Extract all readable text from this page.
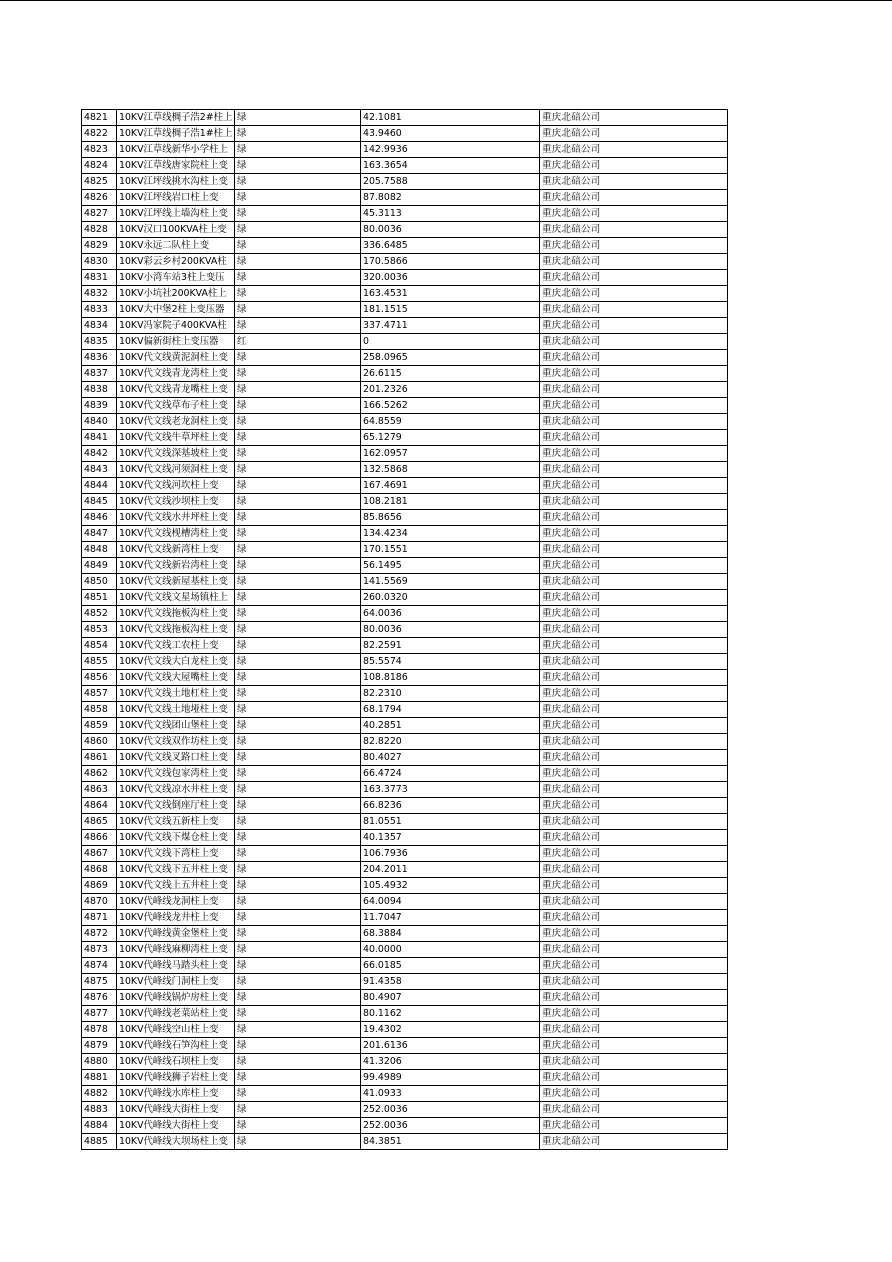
4821	10KV江草线椆子浩2#柱上	绿	42.1081	重庆北碚公司
4822	10KV江草线椆子浩1#柱上	绿	43.9460	重庆北碚公司
4823	10KV江草线新华小学柱上	绿	142.9936	重庆北碚公司
4824	10KV江草线唐家院柱上变	绿	163.3654	重庆北碚公司
4825	10KV江坪线挑水沟柱上变	绿	205.7588	重庆北碚公司
4826	10KV江坪线岩口柱上变	绿	87.8082	重庆北碚公司
4827	10KV江坪线上墙沟柱上变	绿	45.3113	重庆北碚公司
4828	10KV汉口100KVA柱上变	绿	80.0036	重庆北碚公司
4829	10KV永远二队柱上变	绿	336.6485	重庆北碚公司
4830	10KV彩云乡村200KVA柱	绿	170.5866	重庆北碚公司
4831	10KV小湾车站3柱上变压	绿	320.0036	重庆北碚公司
4832	10KV小坑社200KVA柱上	绿	163.4531	重庆北碚公司
4833	10KV大中堡2柱上变压器	绿	181.1515	重庆北碚公司
4834	10KV冯家院子400KVA柱	绿	337.4711	重庆北碚公司
4835	10KV偏新街柱上变压器	红	0	重庆北碚公司
4836	10KV代文线黄泥洞柱上变	绿	258.0965	重庆北碚公司
4837	10KV代文线青龙湾柱上变	绿	26.6115	重庆北碚公司
4838	10KV代文线青龙嘴柱上变	绿	201.2326	重庆北碚公司
4839	10KV代文线草布子柱上变	绿	166.5262	重庆北碚公司
4840	10KV代文线老龙洞柱上变	绿	64.8559	重庆北碚公司
4841	10KV代文线牛草坪柱上变	绿	65.1279	重庆北碚公司
4842	10KV代文线深基坡柱上变	绿	162.0957	重庆北碚公司
4843	10KV代文线河须洞柱上变	绿	132.5868	重庆北碚公司
4844	10KV代文线河坎柱上变	绿	167.4691	重庆北碚公司
4845	10KV代文线沙坝柱上变	绿	108.2181	重庆北碚公司
4846	10KV代文线水井坪柱上变	绿	85.8656	重庆北碚公司
4847	10KV代文线枧槽湾柱上变	绿	134.4234	重庆北碚公司
4848	10KV代文线新湾柱上变	绿	170.1551	重庆北碚公司
4849	10KV代文线新岩湾柱上变	绿	56.1495	重庆北碚公司
4850	10KV代文线新屋基柱上变	绿	141.5569	重庆北碚公司
4851	10KV代文线文星场镇柱上	绿	260.0320	重庆北碚公司
4852	10KV代文线拖板沟柱上变	绿	64.0036	重庆北碚公司
4853	10KV代文线拖板沟柱上变	绿	80.0036	重庆北碚公司
4854	10KV代文线工农柱上变	绿	82.2591	重庆北碚公司
4855	10KV代文线大白龙柱上变	绿	85.5574	重庆北碚公司
4856	10KV代文线大屋嘴柱上变	绿	108.8186	重庆北碚公司
4857	10KV代文线土地杠柱上变	绿	82.2310	重庆北碚公司
4858	10KV代文线土地垭柱上变	绿	68.1794	重庆北碚公司
4859	10KV代文线团山堡柱上变	绿	40.2851	重庆北碚公司
4860	10KV代文线双作坊柱上变	绿	82.8220	重庆北碚公司
4861	10KV代文线叉路口柱上变	绿	80.4027	重庆北碚公司
4862	10KV代文线包家湾柱上变	绿	66.4724	重庆北碚公司
4863	10KV代文线凉水井柱上变	绿	163.3773	重庆北碚公司
4864	10KV代文线倒座厅柱上变	绿	66.8236	重庆北碚公司
4865	10KV代文线五新柱上变	绿	81.0551	重庆北碚公司
4866	10KV代文线下煤仓柱上变	绿	40.1357	重庆北碚公司
4867	10KV代文线下湾柱上变	绿	106.7936	重庆北碚公司
4868	10KV代文线下五井柱上变	绿	204.2011	重庆北碚公司
4869	10KV代文线上五井柱上变	绿	105.4932	重庆北碚公司
4870	10KV代峰线龙洞柱上变	绿	64.0094	重庆北碚公司
4871	10KV代峰线龙井柱上变	绿	11.7047	重庆北碚公司
4872	10KV代峰线黄金堡柱上变	绿	68.3884	重庆北碚公司
4873	10KV代峰线麻柳湾柱上变	绿	40.0000	重庆北碚公司
4874	10KV代峰线马踏头柱上变	绿	66.0185	重庆北碚公司
4875	10KV代峰线门洞柱上变	绿	91.4358	重庆北碚公司
4876	10KV代峰线锅炉房柱上变	绿	80.4907	重庆北碚公司
4877	10KV代峰线老菜站柱上变	绿	80.1162	重庆北碚公司
4878	10KV代峰线空山柱上变	绿	19.4302	重庆北碚公司
4879	10KV代峰线石笋沟柱上变	绿	201.6136	重庆北碚公司
4880	10KV代峰线石坝柱上变	绿	41.3206	重庆北碚公司
4881	10KV代峰线狮子岩柱上变	绿	99.4989	重庆北碚公司
4882	10KV代峰线水库柱上变	绿	41.0933	重庆北碚公司
4883	10KV代峰线大街柱上变	绿	252.0036	重庆北碚公司
4884	10KV代峰线大街柱上变	绿	252.0036	重庆北碚公司
4885	10KV代峰线大坝场柱上变	绿	84.3851	重庆北碚公司
